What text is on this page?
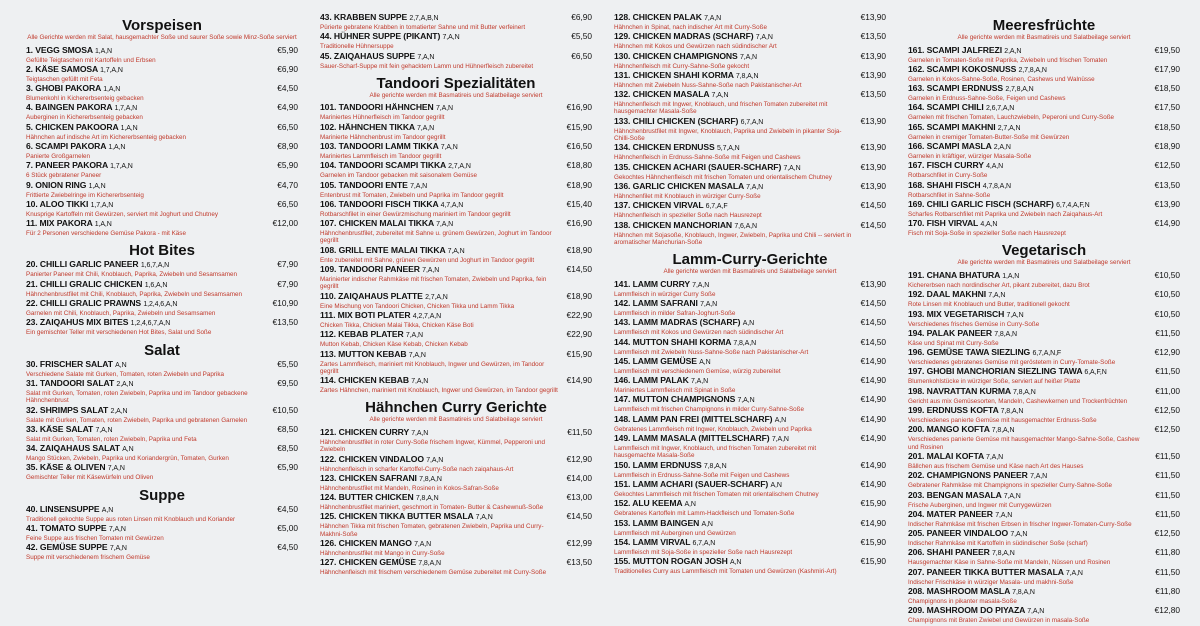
Vorspeisen
Alle Gerichte werden mit Salat, hausgemachter Soße und saurer Soße sowie Minz-Soße serviert
1. VEGG SMOSA 1,A,N
Gefüllte Teigtaschen mit Kartoffeln und Erbsen
€5,90
2. KÄSE SAMOSA 1,7,A,N
Teigtaschen gefüllt mit Feta
€6,90
3. GHOBI PAKORA 1,A,N
Blumenkohl in Kichererbsenteig gebacken
€4,50
4. BAINGEN PAKORA 1,7,A,N
Auberginen in Kichererbsenteig gebacken
€4,90
5. CHICKEN PAKOORA 1,A,N
Hähnchen auf indische Art im Kichererbsenteig gebacken
€6,50
6. SCAMPI PAKORA 1,A,N
Panierte Großgarnelen
€8,90
7. PANEER PAKORA 1,7,A,N
6 Stück gebratener Paneer
€5,90
9. ONION RING 1,A,N
Frittierte Zwiebelringe im Kichererbsenteig
€4,70
10. ALOO TIKKI 1,7,A,N
Knusprige Kartoffeln mit Gewürzen, serviert mit Joghurt und Chutney
€6,50
11. MIX PAKORA 1,A,N
Für 2 Personen verschiedene Gemüse Pakora - mit Käse
€12,00
Hot Bites
20. CHILLI GARLIC PANEER 1,6,7,A,N
Panierter Paneer mit Chili, Knoblauch, Paprika, Zwiebeln und Sesamsamen
€7,90
21. CHILLI GRALIC CHICKEN 1,6,A,N
Hähnchenbrustfilet mit Chili, Knoblauch, Paprika, Zwiebeln und Sesamsamen
€7,90
22. CHILLI GRALIC PRAWNS 1,2,4,6,A,N
Garnelen mit Chili, Knoblauch, Paprika, Zwiebeln und Sesamsamen
€10,90
23. ZAIQAHUS MIX BITES 1,2,4,6,7,A,N
Ein gemischter Teller mit verschiedenen Hot Bites, Salat und Soße
€13,50
Salat
30. FRISCHER SALAT A,N
Verschiedene Salate mit Gurken, Tomaten, roten Zwiebeln und Paprika
€5,50
31. TANDOORI SALAT 2,A,N
Salat mit Gurken, Tomaten, roten Zwiebeln, Paprika und im Tandoor gebackene Hähnchenbrust
€9,50
32. SHRIMPS SALAT 2,A,N
Salate mit Gurken, Tomaten, roten Zwiebeln, Paprika und gebratenen Garnelen
€10,50
33. KÄSE SALAT 7,A,N
Salat mit Gurken, Tomaten, roten Zwiebeln, Paprika und Feta
€8,50
34. ZAIQAHAUS SALAT A,N
Mango Stücken, Zwiebeln, Paprika und Koriandergrün, Tomaten, Gurken
€8,50
35. KÄSE & OLIVEN 7,A,N
Gemischter Teller mit Käsewürfeln und Oliven
€5,90
Suppe
40. LINSENSUPPE A,N
Traditionell gekochte Suppe aus roten Linsen mit Knoblauch und Koriander
€4,50
41. TOMATO SUPPE 7,A,N
Feine Suppe aus frischen Tomaten mit Gewürzen
€5,00
42. GEMÜSE SUPPE 7,A,N
Suppe mit verschiedenem frischem Gemüse
€4,50
43. KRABBEN SUPPE 2,7,A,B,N
Pürierte gebratene Krabben in tomatierter Sahne und mit Butter verfeinert
€6,90
44. HÜHNER SUPPE (PIKANT) 7,A,N
Traditionelle Hühnersuppe
€5,50
45. ZAIQAHAUS SUPPE 7,A,N
Sauer-Scharf-Suppe mit fein gehacktem Lamm und Hühnerfleisch zubereitet
€6,50
Tandoori Spezialitäten
Alle gerichte werden mit Basmatireis und Salatbeilage serviert
101. TANDOORI HÄHNCHEN 7,A,N
Mariniertes Hühnerfleisch im Tandoor gegrillt
€16,90
102. HÄHNCHEN TIKKA 7,A,N
Marinierte Hähnchenbrust im Tandoor gegrillt
€15,90
103. TANDOORI LAMM TIKKA 7,A,N
Mariniertes Lammfleisch im Tandoor gegrillt
€16,50
104. TANDOORI SCAMPI TIKKA 2,7,A,N
Garnelen im Tandoor gebacken mit saisonalem Gemüse
€18,80
105. TANDOORI ENTE 7,A,N
Entenbrust mit Tomaten, Zwiebeln und Paprika im Tandoor gegrillt
€18,90
106. TANDOORI FISCH TIKKA 4,7,A,N
Rotbarschfilet in einer Gewürzmischung mariniert im Tandoor gegrillt
€15,40
107. CHICKEN MALAI TIKKA 7,A,N
Hähnchenbrustfilet, zubereitet mit Sahne u. grünem Gewürzen, Joghurt im Tandoor gegrillt
€16,90
108. GRILL ENTE MALAI TIKKA 7,A,N
Ente zubereitet mit Sahne, grünen Gewürzen und Joghurt im Tandoor gegrillt
€18,90
109. TANDOORI PANEER 7,A,N
Marinierter indischer Rahmkäse mit frischen Tomaten, Zwiebeln und Paprika, fein gegrillt
€14,50
110. ZAIQAHAUS PLATTE 2,7,A,N
Eine Mischung von Tandoori Chicken, Chicken Tikka und Lamm Tikka
€18,90
111. MIX BOTI PLATER 4,2,7,A,N
Chicken Tikka, Chicken Malai Tikka, Chicken Käse Boti
€22,90
112. KEBAB PLATER 7,A,N
Mutton Kebab, Chicken Käse Kebab, Chicken Kebab
€22,90
113. MUTTON KEBAB 7,A,N
Zartes Lammfleisch, mariniert mit Knoblauch, Ingwer und Gewürzen, im Tandoor gegrillt
€15,90
114. CHICKEN KEBAB 7,A,N
Zartes Hähnchen, mariniert mit Knoblauch, Ingwer und Gewürzen, im Tandoor gegrillt
€14,90
Hähnchen Curry Gerichte
Alle gerichte werden mit Basmatireis und Salatbeilage serviert
121. CHICKEN CURRY 7,A,N
Hähnchenbrustfilet in roter Curry-Soße frischem Ingwer, Kümmel, Pepperoni und Zwiebeln
€11,50
122. CHICKEN VINDALOO 7,A,N
Hähnchenfleisch in scharfer Kartoffel-Curry-Soße nach zaiqahaus-Art
€12,90
123. CHICKEN SAFRANI 7,8,A,N
Hähnchenbrustfilet mit Mandeln, Rosinen in Kokos-Safran-Soße
€14,00
124. BUTTER CHICKEN 7,8,A,N
Hähnchenbrustfilet mariniert, geschmort in Tomaten- Butter & Cashewnuß-Soße
€13,00
125. CHICKEN TIKKA BUTTER MSALA 7,A,N
Hähnchen Tikka mit frischen Tomaten, gebratenen Zwiebeln, Paprika und Curry-Makhni-Soße
€14,50
126. CHICKEN MANGO 7,A,N
Hähnchenbrustfilet mit Mango in Curry-Soße
€12,99
127. CHICKEN GEMÜSE 7,8,A,N
Hähnchenfleisch mit frischem verschiedenem Gemüse zubereitet mit Curry-Soße
€13,50
128. CHICKEN PALAK 7,A,N
Hähnchen in Spinat, nach indischer Art mit Curry-Soße
€13,90
129. CHICKEN MADRAS (SCHARF) 7,A,N
Hähnchen mit Kokos und Gewürzen nach südindischer Art
€13,50
130. CHICKEN CHAMPIGNONS 7,A,N
Hähnchenfleisch mit Curry-Sahne-Soße gekocht
€13,90
131. CHICKEN SHAHI KORMA 7,8,A,N
Hähnchen mit Zwiebeln Nuss-Sahne-Soße nach Pakistanischer-Art
€13,90
132. CHICKEN MASALA 7,A,N
Hähnchenfleisch mit Ingwer, Knoblauch, und frischen Tomaten zubereitet mit hausgemachter Masala-Soße
€13,50
133. CHILI CHICKEN (SCHARF) 6,7,A,N
Hähnchenbrustfilet mit Ingwer, Knoblauch, Paprika und Zwiebeln in pikanter Soja-Chilli-Soße
€13,90
134. CHICKEN ERDNUSS 5,7,A,N
Hähnchenfleisch in Erdnuss-Sahne-Soße mit Feigen und Cashews
€13,90
135. CHICKEN ACHARI (SAUER-SCHARF) 7,A,N
Gekochtes Hähnchenfleisch mit frischen Tomaten und orientalischem Chutney
€13,90
136. GARLIC CHICKEN MASALA 7,A,N
Hähnchenfilet mit Knoblauch in würziger Curry-Soße
€13,90
137. CHICKEN VIRVAL 6,7,A,F
Hähnchenfleisch in spezieller Soße nach Hausrezept
€14,50
138. CHICKEN MANCHORIAN 7,6,A,N
Hähnchen mit Sojasoße, Knoblauch, Ingwer, Zwiebeln, Paprika und Chili -- serviert in aromatischer Manchurian-Soße
€14,50
Lamm-Curry-Gerichte
Alle gerichte werden mit Basmatireis und Salatbeilage serviert
141. LAMM CURRY 7,A,N
Lammfleisch in würziger Curry Soße
€13,90
142. LAMM SAFRANI 7,A,N
Lammfleisch in milder Safran-Joghurt-Soße
€14,50
143. LAMM MADRAS (SCHARF) A,N
Lammfleisch mit Kokos und Gewürzen nach südindischer Art
€14,50
144. MUTTON SHAHI KORMA 7,8,A,N
Lammfleisch mit Zwiebeln Nuss-Sahne-Soße nach Pakistanischer-Art
€14,50
145. LAMM GEMÜSE A,N
Lammfleisch mit verschiedenem Gemüse, würzig zubereitet
€14,90
146. LAMM PALAK 7,A,N
Mariniertes Lammfleisch mit Spinat in Soße
€14,90
147. MUTTON CHAMPIGNONS 7,A,N
Lammfleisch mit frischen Champignons in milder Curry-Sahne-Soße
€14,90
148. LAMM PAN FREI (MITTELSCHARF) A,N
Gebratenes Lammfleisch mit Ingwer, Knoblauch, Zwiebeln und Paprika
€14,90
149. LAMM MASALA (MITTELSCHARF) 7,A,N
Lammfleisch mit Ingwer, Knoblauch, und frischen Tomaten zubereitet mit hausgemachte Masala-Soße
€14,90
150. LAMM ERDNUSS 7,8,A,N
Lammfleisch in Erdnuss-Sahne-Soße mit Feigen und Cashews
€14,90
151. LAMM ACHARI (SAUER-SCHARF) A,N
Gekochtes Lammfleisch mit frischen Tomaten mit orientalischem Chutney
€14,90
152. ALU KEEMA A,N
Gebratenes Kartoffeln mit Lamm-Hackfleisch und Tomaten-Soße
€15,90
153. LAMM BAINGEN A,N
Lammfleisch mit Auberginen und Gewürzen
€14,90
154. LAMM VIRVAL 6,7,A,N
Lammfleisch mit Soja-Soße in spezieller Soße nach Hausrezept
€15,90
155. MUTTON ROGAN JOSH A,N
Traditionelles Curry aus Lammfleisch mit Tomaten und Gewürzen (Kashmiri-Art)
€15,90
Meeresfrüchte
Alle gerichte werden mit Basmatireis und Salatbeilage serviert
161. SCAMPI JALFREZI 2,A,N
Garnelen in Tomaten-Soße mit Paprika, Zwiebeln und frischen Tomaten
€19,50
162. SCAMPI KOKOSNUSS 2,7,8,A,N
Garnelen in Kokos-Sahne-Soße, Rosinen, Cashews und Walnüsse
€17,90
163. SCAMPI ERDNUSS 2,7,8,A,N
Garnelen in Erdnuss-Sahne-Soße, Feigen und Cashews
€18,50
164. SCAMPI CHILI 2,6,7,A,N
Garnelen mit frischen Tomaten, Lauchzwiebeln, Peperoni und Curry-Soße
€17,50
165. SCAMPI MAKHNI 2,7,A,N
Garnelen in cremiger Tomaten-Butter-Soße mit Gewürzen
€18,50
166. SCAMPI MASLA 2,A,N
Garnelen in kräftiger, würziger Masala-Soße
€18,90
167. FISCH CURRY 4,A,N
Rotbarschfilet in Curry-Soße
€12,50
168. SHAHI FISCH 4,7,8,A,N
Rotbarschfilet in Sahne-Soße
€13,50
169. CHILI GARLIC FISCH (SCHARF) 6,7,4,A,F,N
Scharfes Rotbarschfilet mit Paprika und Zwiebeln nach Zaiqahaus-Art
€13,90
170. FISH VIRVAL 4,A,N
Fisch mit Soja-Soße in spezieller Soße nach Hausrezept
€14,90
Vegetarisch
Alle gerichte werden mit Basmatireis und Salatbeilage serviert
191. CHANA BHATURA 1,A,N
Kichererbsen nach nordindischer Art, pikant zubereitet, dazu Brot
€10,50
192. DAAL MAKHNI 7,A,N
Rote Linsen mit Knoblauch und Butter, traditionell gekocht
€10,50
193. MIX VEGETARISCH 7,A,N
Verschiedenes frisches Gemüse in Curry-Soße
€10,50
194. PALAK PANEER 7,8,A,N
Käse und Spinat mit Curry-Soße
€11,50
196. GEMÜSE TAWA SIEZLING 6,7,A,N,F
Verschiedenes gebratenes Gemüse mit geröstetem in Curry-Tomate-Soße
€12,90
197. GHOBI MANCHORIAN SIEZLING TAWA 6,A,F,N
Blumenkohlstücke in würziger Soße, serviert auf heißer Platte
€11,50
198. NAVRATTAN KURMA 7,8,A,N
Gericht aus mix Gemüsesorten, Mandeln, Cashewkernen und Trockenfrüchten
€11,00
199. ERDNUSS KOFTA 7,8,A,N
Verschiedenes panierte Gemüse mit hausgemachter Erdnuss-Soße
€12,50
200. MANGO KOFTA 7,8,A,N
Verschiedenes panierte Gemüse mit hausgemachter Mango-Sahne-Soße, Cashew und Rosinen
€12,50
201. MALAI KOFTA 7,A,N
Bällchen aus frischem Gemüse und Käse nach Art des Hauses
€11,50
202. CHAMPIGNONS PANEER 7,A,N
Gebratener Rahmkäse mit Champignons in spezieller Curry-Sahne-Soße
€11,50
203. BENGAN MASALA 7,A,N
Frische Auberginen, und Ingwer mit Currygewürzen
€11,50
204. MATER PANEER 7,A,N
Indischer Rahmkäse mit frischen Erbsen in frischer Ingwer-Tomaten-Curry-Soße
€11,50
205. PANEER VINDALOO 7,A,N
Indischer Rahmkäse mit Kartoffeln in südindischer Soße (scharf)
€12,50
206. SHAHI PANEER 7,8,A,N
Hausgemachter Käse in Sahne-Soße mit Mandeln, Nüssen und Rosinen
€11,80
207. PANEER TIKKA BUTTER MASALA 7,A,N
Indischer Frischkäse in würziger Masala- und makhni-Soße
€11,50
208. MASHROOM MASLA 7,8,A,N
Champignons in pikanter masala-Soße
€11,80
209. MASHROOM DO PIYAZA 7,A,N
Champignons mit Braten Zwiebel und Gewürzen in masala-Soße
€12,80
